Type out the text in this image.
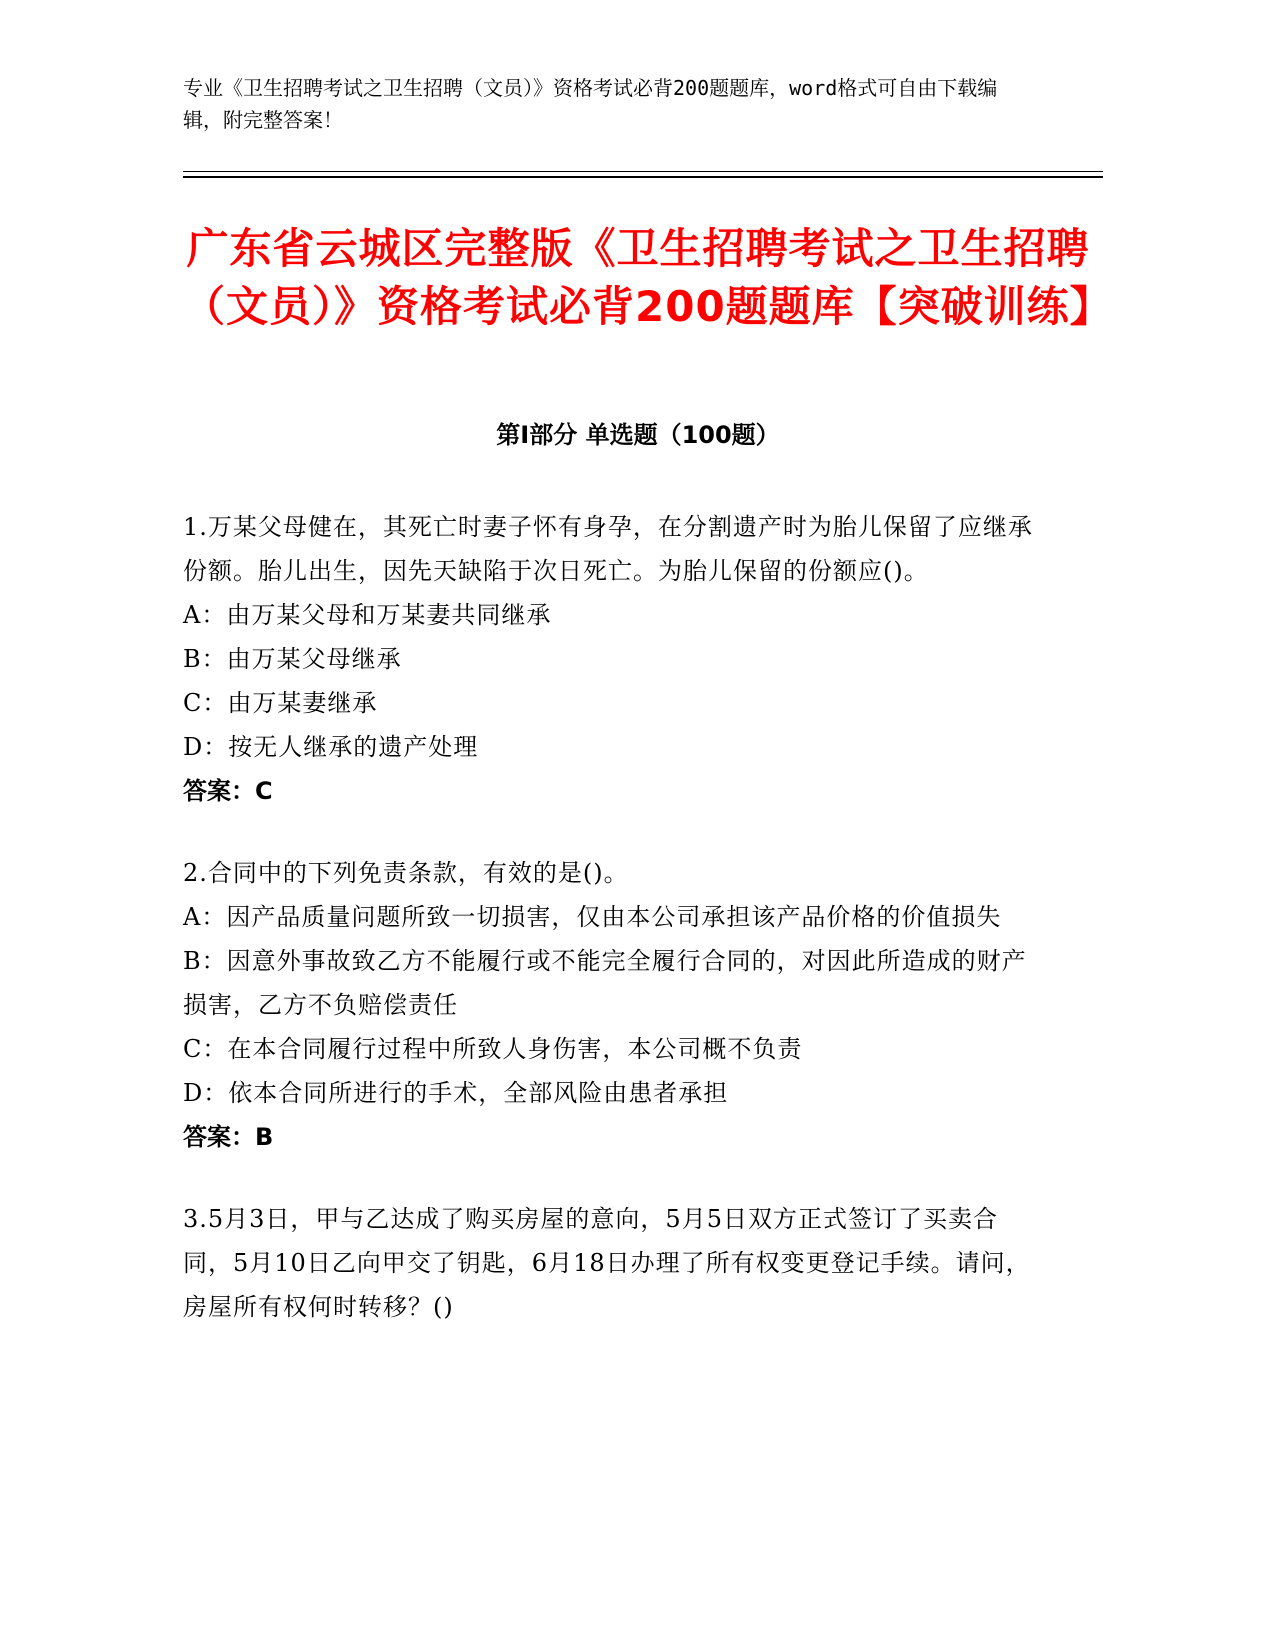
专业《卫生招聘考试之卫生招聘（文员）》资格考试必背200题题库，word格式可自由下载编辑，附完整答案！

广东省云城区完整版《卫生招聘考试之卫生招聘（文员）》资格考试必背200题题库【突破训练】
第Ⅰ部分 单选题（100题）

1.万某父母健在，其死亡时妻子怀有身孕，在分割遗产时为胎儿保留了应继承份额。胎儿出生，因先天缺陷于次日死亡。为胎儿保留的份额应()。

A：由万某父母和万某妻共同继承

B：由万某父母继承

C：由万某妻继承

D：按无人继承的遗产处理

答案：C

2.合同中的下列免责条款，有效的是()。

A：因产品质量问题所致一切损害，仅由本公司承担该产品价格的价值损失

B：因意外事故致乙方不能履行或不能完全履行合同的，对因此所造成的财产损害，乙方不负赔偿责任

C：在本合同履行过程中所致人身伤害，本公司概不负责

D：依本合同所进行的手术，全部风险由患者承担

答案：B

3.5月3日，甲与乙达成了购买房屋的意向，5月5日双方正式签订了买卖合同，5月10日乙向甲交了钥匙，6月18日办理了所有权变更登记手续。请问，房屋所有权何时转移？()
